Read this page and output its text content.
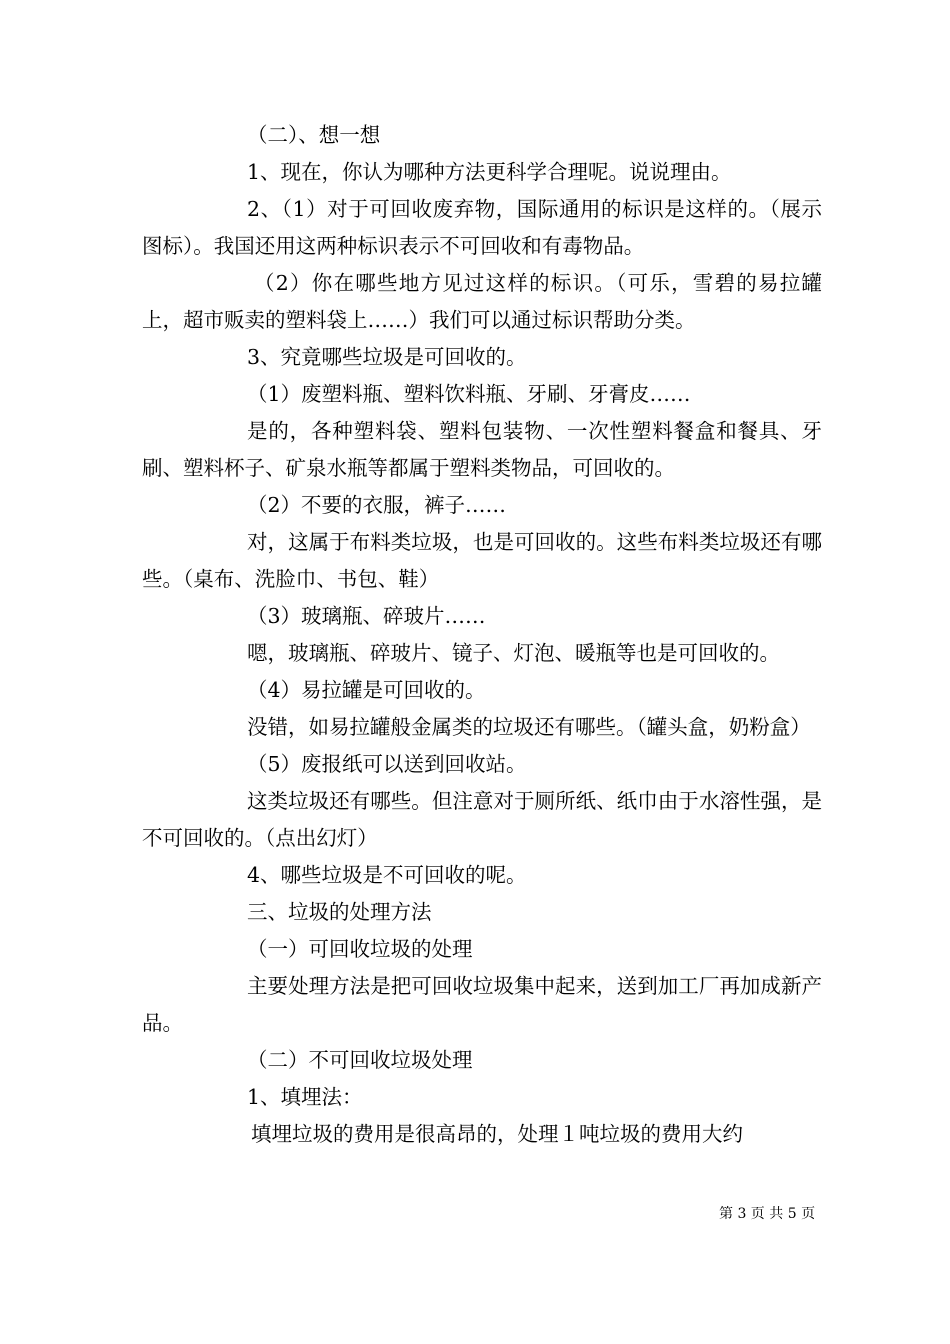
（二）、想一想

1、现在，你认为哪种方法更科学合理呢。说说理由。

2、（1）对于可回收废弃物，国际通用的标识是这样的。（展示图标）。我国还用这两种标识表示不可回收和有毒物品。

（2）你在哪些地方见过这样的标识。（可乐，雪碧的易拉罐上，超市贩卖的塑料袋上……）我们可以通过标识帮助分类。

3、究竟哪些垃圾是可回收的。

（1）废塑料瓶、塑料饮料瓶、牙刷、牙膏皮……

是的，各种塑料袋、塑料包装物、一次性塑料餐盒和餐具、牙刷、塑料杯子、矿泉水瓶等都属于塑料类物品，可回收的。

（2）不要的衣服，裤子……

对，这属于布料类垃圾，也是可回收的。这些布料类垃圾还有哪些。（桌布、洗脸巾、书包、鞋）

（3）玻璃瓶、碎玻片……

嗯，玻璃瓶、碎玻片、镜子、灯泡、暖瓶等也是可回收的。

（4）易拉罐是可回收的。

没错，如易拉罐般金属类的垃圾还有哪些。（罐头盒，奶粉盒）

（5）废报纸可以送到回收站。

这类垃圾还有哪些。但注意对于厕所纸、纸巾由于水溶性强，是不可回收的。（点出幻灯）

4、哪些垃圾是不可回收的呢。

三、垃圾的处理方法

（一）可回收垃圾的处理

主要处理方法是把可回收垃圾集中起来，送到加工厂再加成新产品。

（二）不可回收垃圾处理

1、填埋法：

填埋垃圾的费用是很高昂的，处理１吨垃圾的费用大约

第 3 页 共 5 页
